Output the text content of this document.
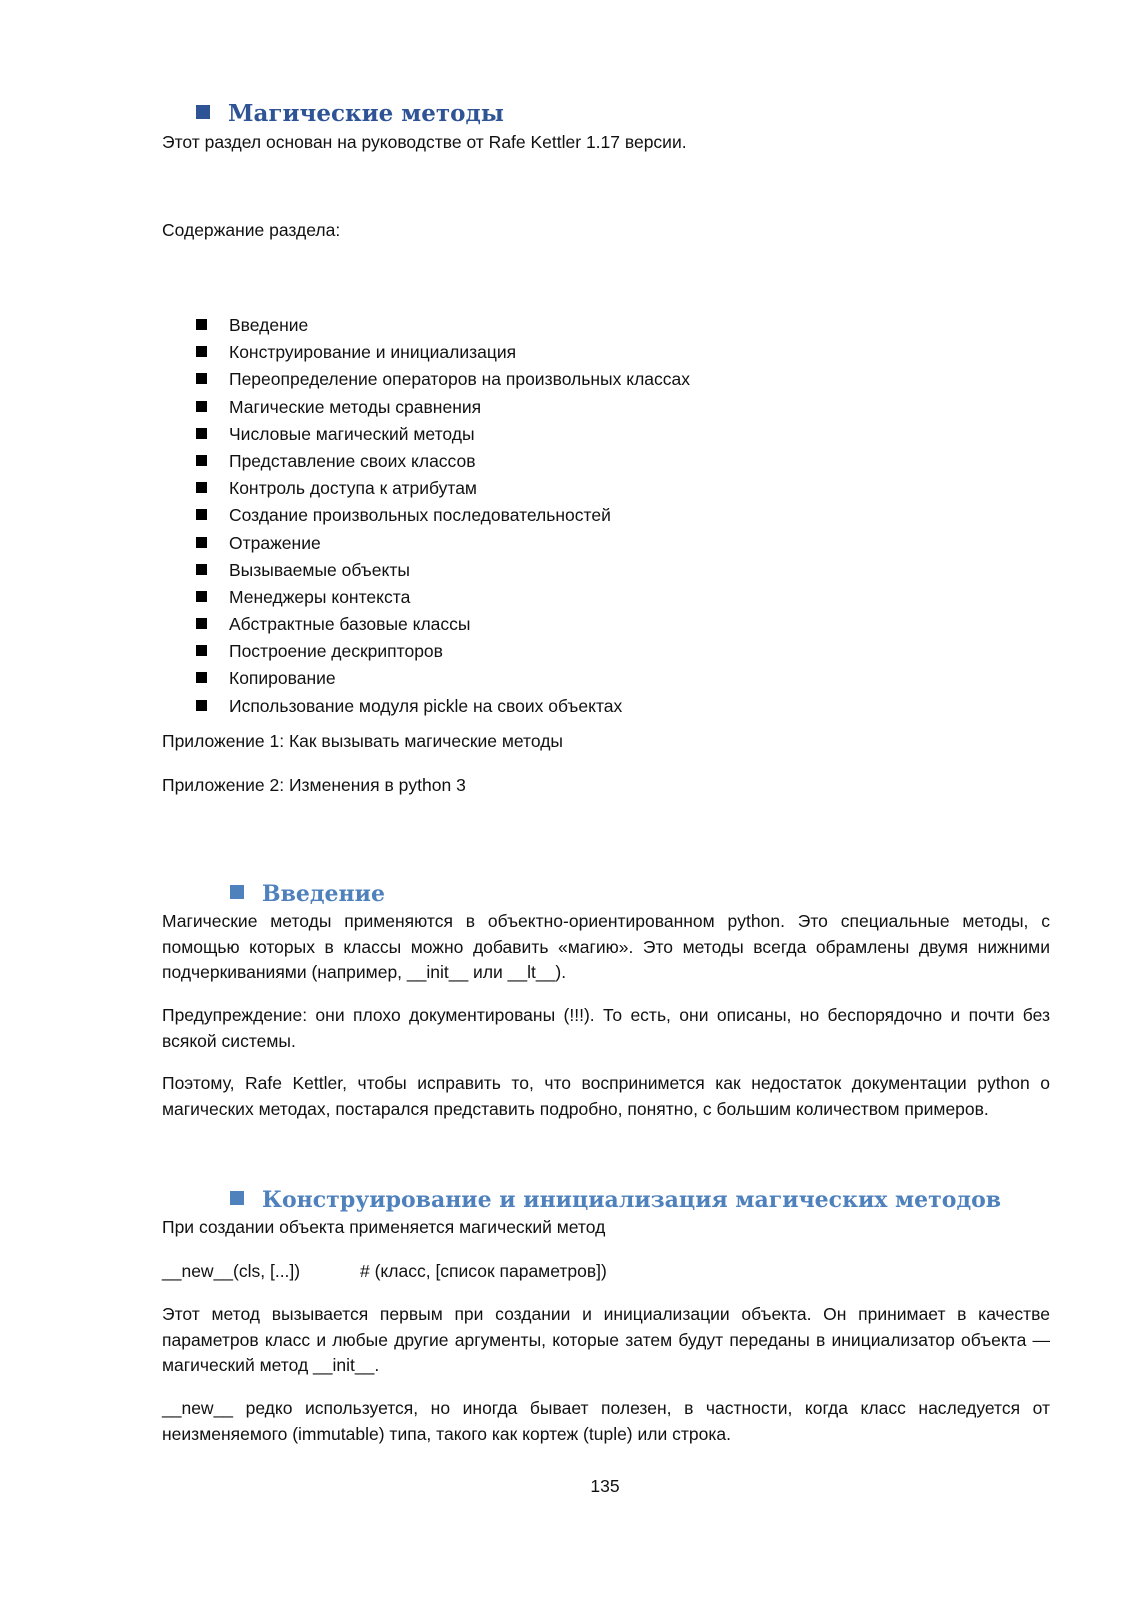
Магические методы
Этот раздел основан на руководстве от Rafe Kettler 1.17 версии.
Содержание раздела:
Введение
Конструирование и инициализация
Переопределение операторов на произвольных классах
Магические методы сравнения
Числовые магический методы
Представление своих классов
Контроль доступа к атрибутам
Создание произвольных последовательностей
Отражение
Вызываемые объекты
Менеджеры контекста
Абстрактные базовые классы
Построение дескрипторов
Копирование
Использование модуля pickle на своих объектах
Приложение 1: Как вызывать магические методы
Приложение 2: Изменения в python 3
Введение
Магические методы применяются в объектно-ориентированном python. Это специальные методы, с помощью которых в классы можно добавить «магию». Это методы всегда обрамлены двумя нижними подчеркиваниями (например, __init__ или __lt__).
Предупреждение: они плохо документированы (!!!). То есть, они описаны, но беспорядочно и почти без всякой системы.
Поэтому, Rafe Kettler, чтобы исправить то, что воспринимется как недостаток документации python о магических методах, постарался представить подробно, понятно, с большим количеством примеров.
Конструирование и инициализация магических методов
При создании объекта применяется магический метод
__new__(cls, [...])	# (класс, [список параметров])
Этот метод вызывается первым при создании и инициализации объекта. Он принимает в качестве параметров класс и любые другие аргументы, которые затем будут переданы в инициализатор объекта — магический метод __init__.
__new__ редко используется, но иногда бывает полезен, в частности, когда класс наследуется от неизменяемого (immutable) типа, такого как кортеж (tuple) или строка.
135
